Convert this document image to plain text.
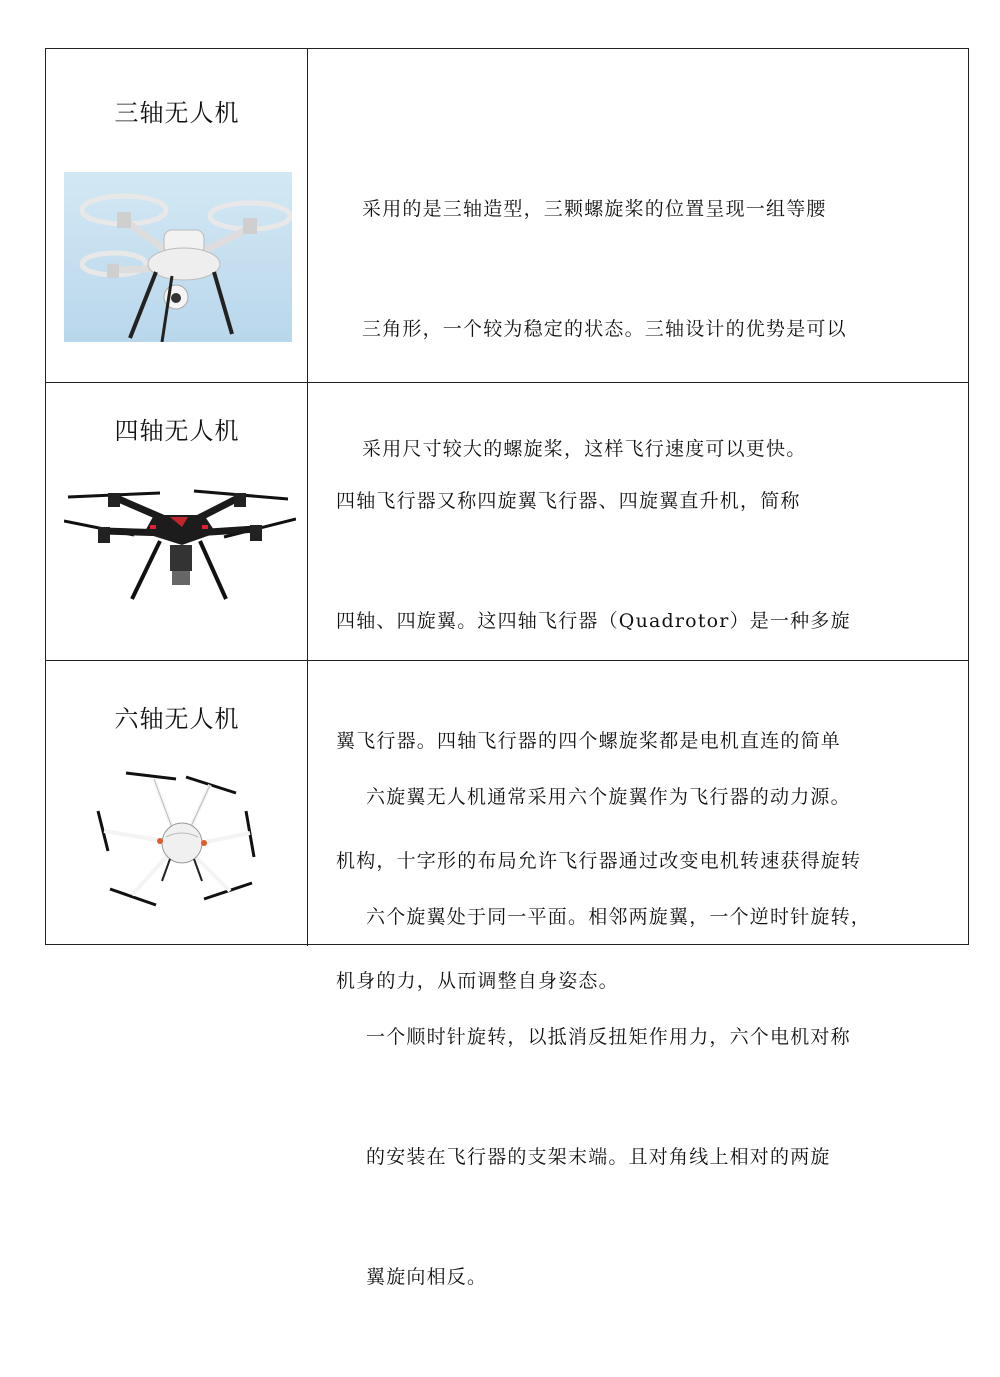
三轴无人机

采用的是三轴造型，三颗螺旋桨的位置呈现一组等腰

三角形，一个较为稳定的状态。三轴设计的优势是可以

采用尺寸较大的螺旋桨，这样飞行速度可以更快。

四轴无人机

四轴飞行器又称四旋翼飞行器、四旋翼直升机，简称

四轴、四旋翼。这四轴飞行器（Quadrotor）是一种多旋

翼飞行器。四轴飞行器的四个螺旋桨都是电机直连的简单

机构，十字形的布局允许飞行器通过改变电机转速获得旋转

机身的力，从而调整自身姿态。

六轴无人机

六旋翼无人机通常采用六个旋翼作为飞行器的动力源。

六个旋翼处于同一平面。相邻两旋翼，一个逆时针旋转，

一个顺时针旋转，以抵消反扭矩作用力，六个电机对称

的安装在飞行器的支架末端。且对角线上相对的两旋

翼旋向相反。
